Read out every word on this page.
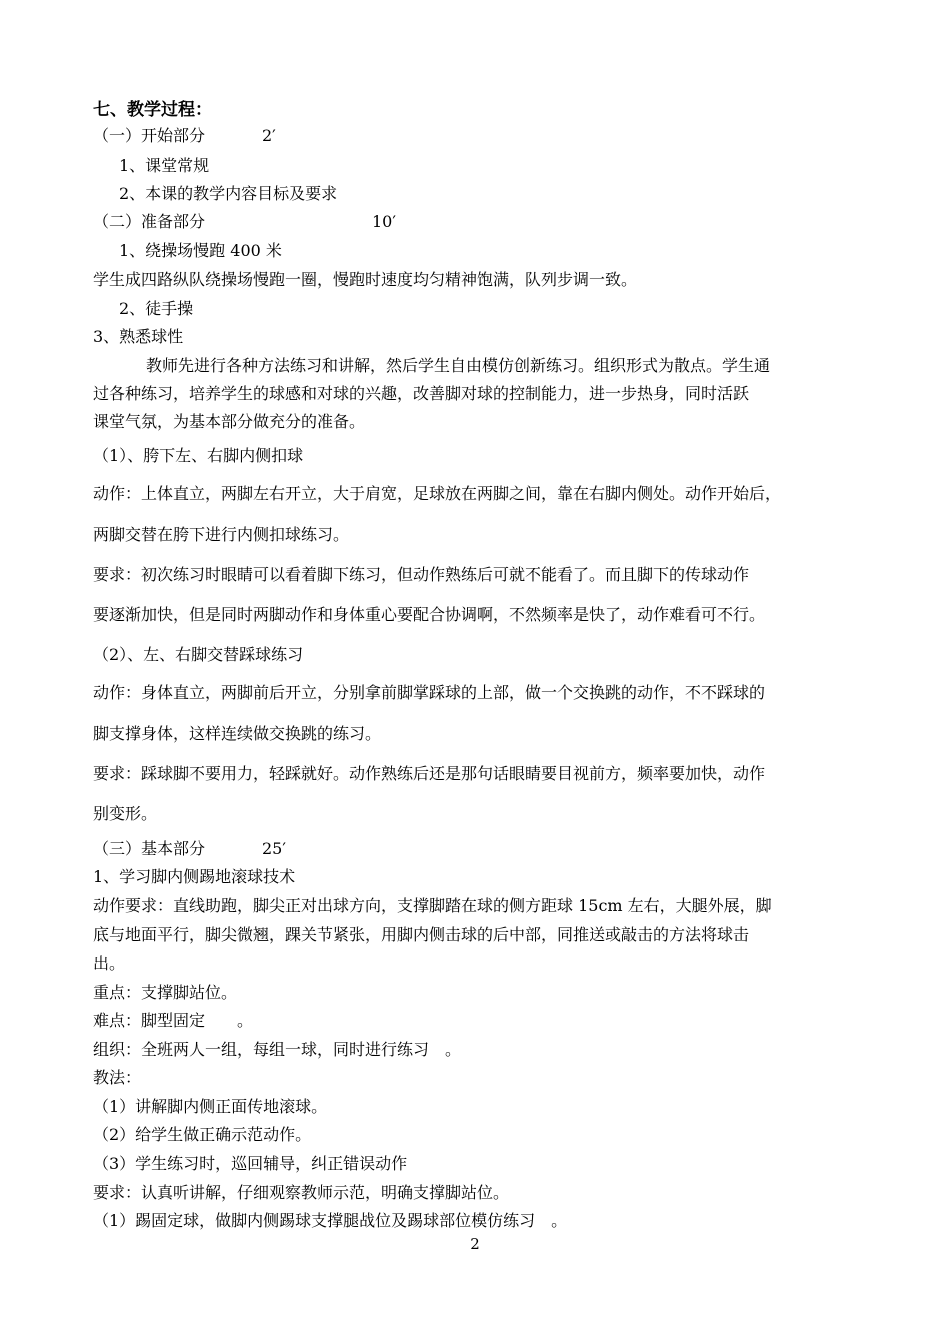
七、教学过程：
（一）开始部分	2′
1、课堂常规
2、本课的教学内容目标及要求
（二）准备部分	10′
1、绕操场慢跑 400 米
学生成四路纵队绕操场慢跑一圈，慢跑时速度均匀精神饱满，队列步调一致。
2、徒手操
3、熟悉球性
教师先进行各种方法练习和讲解，然后学生自由模仿创新练习。组织形式为散点。学生通
过各种练习，培养学生的球感和对球的兴趣，改善脚对球的控制能力，进一步热身，同时活跃
课堂气氛，为基本部分做充分的准备。
（1）、胯下左、右脚内侧扣球
动作：上体直立，两脚左右开立，大于肩宽，足球放在两脚之间，靠在右脚内侧处。动作开始后，
两脚交替在胯下进行内侧扣球练习。
要求：初次练习时眼睛可以看着脚下练习，但动作熟练后可就不能看了。而且脚下的传球动作
要逐渐加快，但是同时两脚动作和身体重心要配合协调啊，不然频率是快了，动作难看可不行。
（2）、左、右脚交替踩球练习
动作：身体直立，两脚前后开立，分别拿前脚掌踩球的上部，做一个交换跳的动作，不不踩球的
脚支撑身体，这样连续做交换跳的练习。
要求：踩球脚不要用力，轻踩就好。动作熟练后还是那句话眼睛要目视前方，频率要加快，动作
别变形。
（三）基本部分	25′
1、学习脚内侧踢地滚球技术
动作要求：直线助跑，脚尖正对出球方向，支撑脚踏在球的侧方距球 15cm 左右，大腿外展，脚
底与地面平行，脚尖微翘，踝关节紧张，用脚内侧击球的后中部，同推送或敲击的方法将球击
出。
重点：支撑脚站位。
难点：脚型固定　　。
组织：全班两人一组，每组一球，同时进行练习　。
教法：
（1）讲解脚内侧正面传地滚球。
（2）给学生做正确示范动作。
（3）学生练习时，巡回辅导，纠正错误动作
要求：认真听讲解，仔细观察教师示范，明确支撑脚站位。
（1）踢固定球，做脚内侧踢球支撑腿战位及踢球部位模仿练习　。
2
